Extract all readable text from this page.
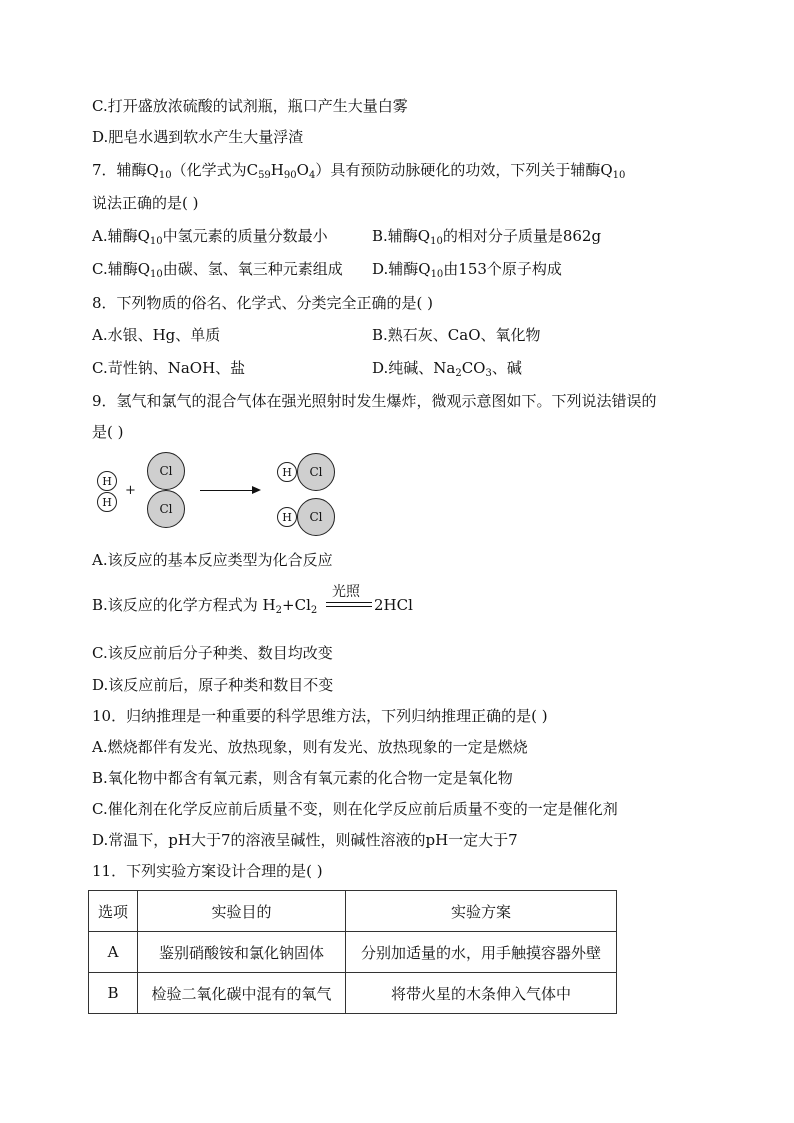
C.打开盛放浓硫酸的试剂瓶，瓶口产生大量白雾
D.肥皂水遇到软水产生大量浮渣
7．辅酶$Q_{10}$（化学式为$C_{59}H_{90}O_4$）具有预防动脉硬化的功效，下列关于辅酶$Q_{10}$
说法正确的是( )
A.辅酶$Q_{10}$中氢元素的质量分数最小	B.辅酶$Q_{10}$的相对分子质量是862g
C.辅酶$Q_{10}$由碳、氢、氧三种元素组成 D.辅酶$Q_{10}$由153个原子构成
8．下列物质的俗名、化学式、分类完全正确的是( )
A.水银、Hg、单质	B.熟石灰、CaO、氧化物
C.苛性钠、NaOH、盐	D.纯碱、$Na_2CO_3$、碱
9．氢气和氯气的混合气体在强光照射时发生爆炸，微观示意图如下。下列说法错误的
是( )
H
H
+
Cl
Cl
H	Cl
H	Cl
A.该反应的基本反应类型为化合反应
B.该反应的化学方程式为 $H_2+Cl_2$
光照
2HCl
C.该反应前后分子种类、数目均改变
D.该反应前后，原子种类和数目不变
10．归纳推理是一种重要的科学思维方法，下列归纳推理正确的是( )
A.燃烧都伴有发光、放热现象，则有发光、放热现象的一定是燃烧
B.氧化物中都含有氧元素，则含有氧元素的化合物一定是氧化物
C.催化剂在化学反应前后质量不变，则在化学反应前后质量不变的一定是催化剂
D.常温下，pH大于7的溶液呈碱性，则碱性溶液的pH一定大于7
11．下列实验方案设计合理的是( )
选项	实验目的	实验方案
A	鉴别硝酸铵和氯化钠固体	分别加适量的水，用手触摸容器外壁
B	检验二氧化碳中混有的氧气	将带火星的木条伸入气体中
